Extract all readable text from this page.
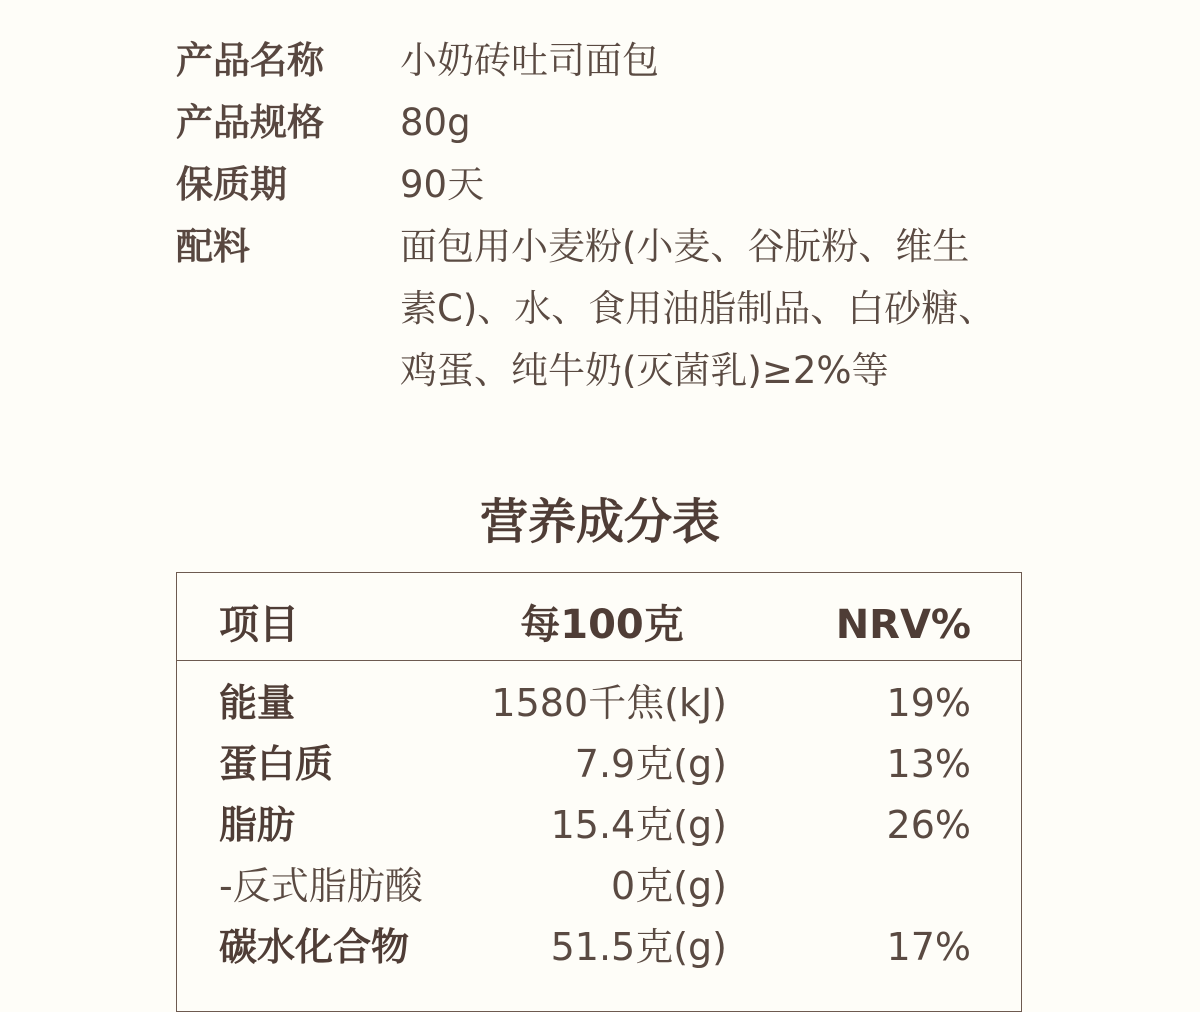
产品名称	小奶砖吐司面包
产品规格	80g
保质期	90天
配料	面包用小麦粉(小麦、谷朊粉、维生
素C)、水、食用油脂制品、白砂糖、
鸡蛋、纯牛奶(灭菌乳)≥2%等
营养成分表
项目	每100克	NRV%
能量	1580千焦(kJ)	19%
蛋白质	7.9克(g)	13%
脂肪	15.4克(g)	26%
-反式脂肪酸	0克(g)
碳水化合物	51.5克(g)	17%
